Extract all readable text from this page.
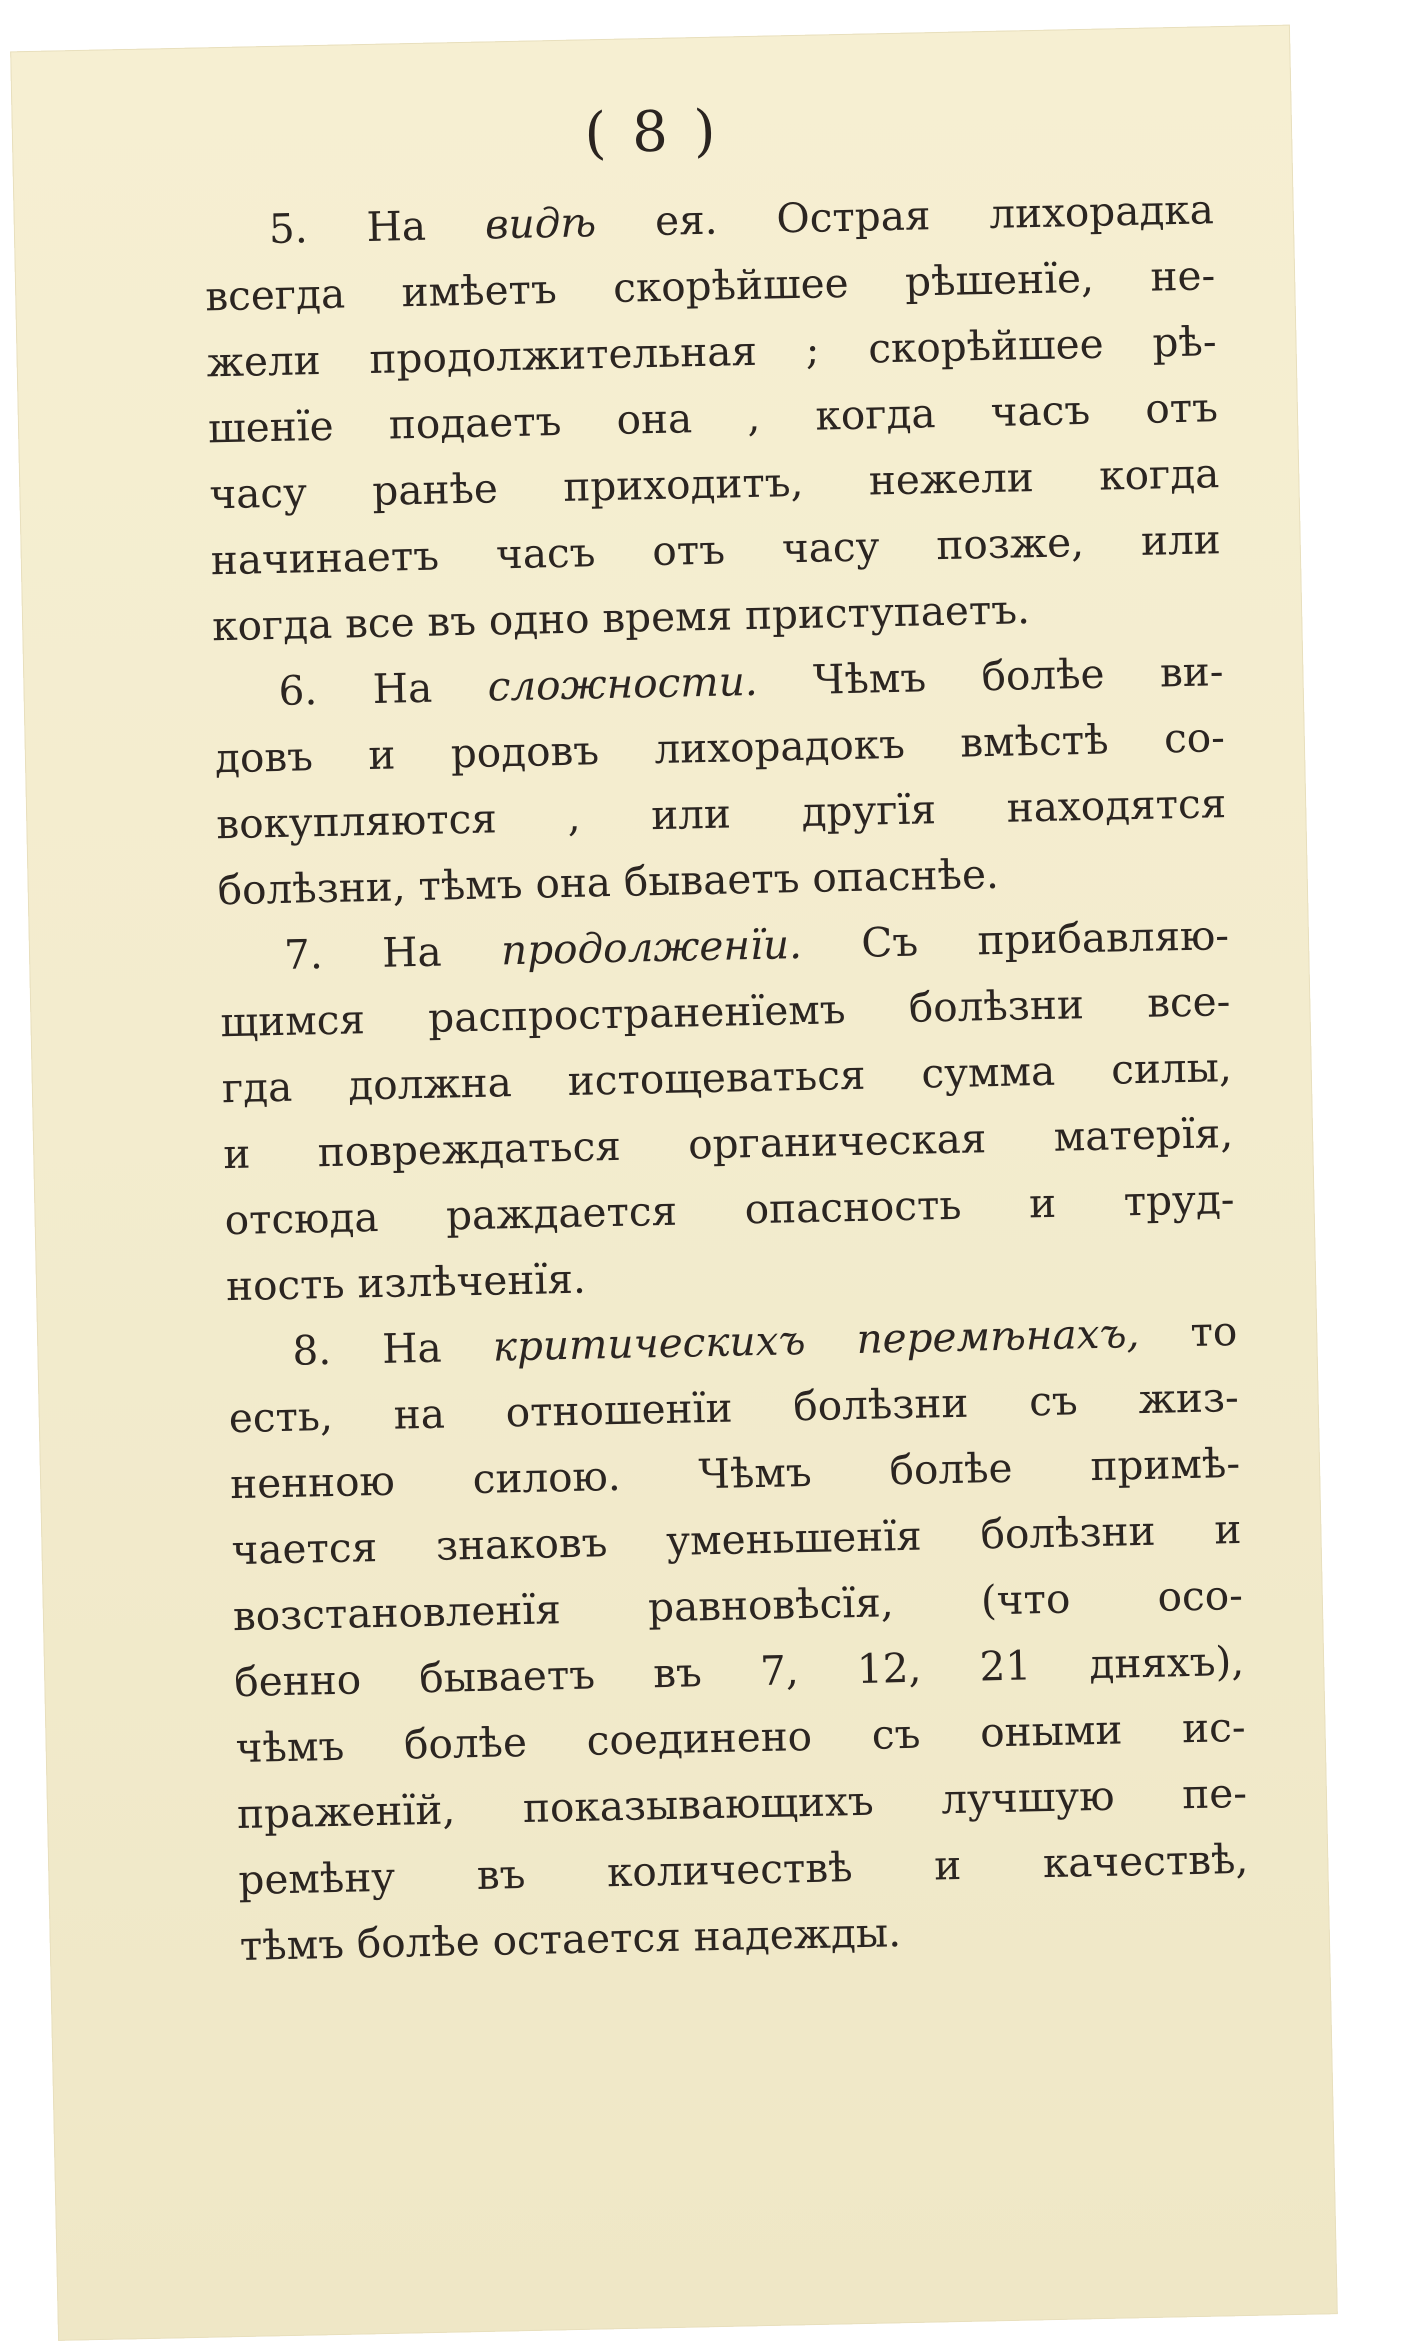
( 8 )
5. На видѣ ея. Острая лихорадка
всегда имѣетъ скорѣйшее рѣшенїе, не-
жели продолжительная ; скорѣйшее рѣ-
шенїе подаетъ она , когда часъ отъ
часу ранѣе приходитъ, нежели когда
начинаетъ часъ отъ часу позже, или
когда все въ одно время приступаетъ.
6. На сложности. Чѣмъ болѣе ви-
довъ и родовъ лихорадокъ вмѣстѣ со-
вокупляются , или другїя находятся
болѣзни, тѣмъ она бываетъ опаснѣе.
7. На продолженїи. Съ прибавляю-
щимся распространенїемъ болѣзни все-
гда должна истощеваться сумма силы,
и повреждаться органическая матерїя,
отсюда раждается опасность и труд-
ность излѣченїя.
8. На критическихъ перемѣнахъ, то
есть, на отношенїи болѣзни съ жиз-
ненною силою. Чѣмъ болѣе примѣ-
чается знаковъ уменьшенїя болѣзни и
возстановленїя равновѣсїя, (что осо-
бенно бываетъ въ 7, 12, 21 дняхъ),
чѣмъ болѣе соединено съ оными ис-
праженїй, показывающихъ лучшую пе-
ремѣну въ количествѣ и качествѣ,
тѣмъ болѣе остается надежды.
